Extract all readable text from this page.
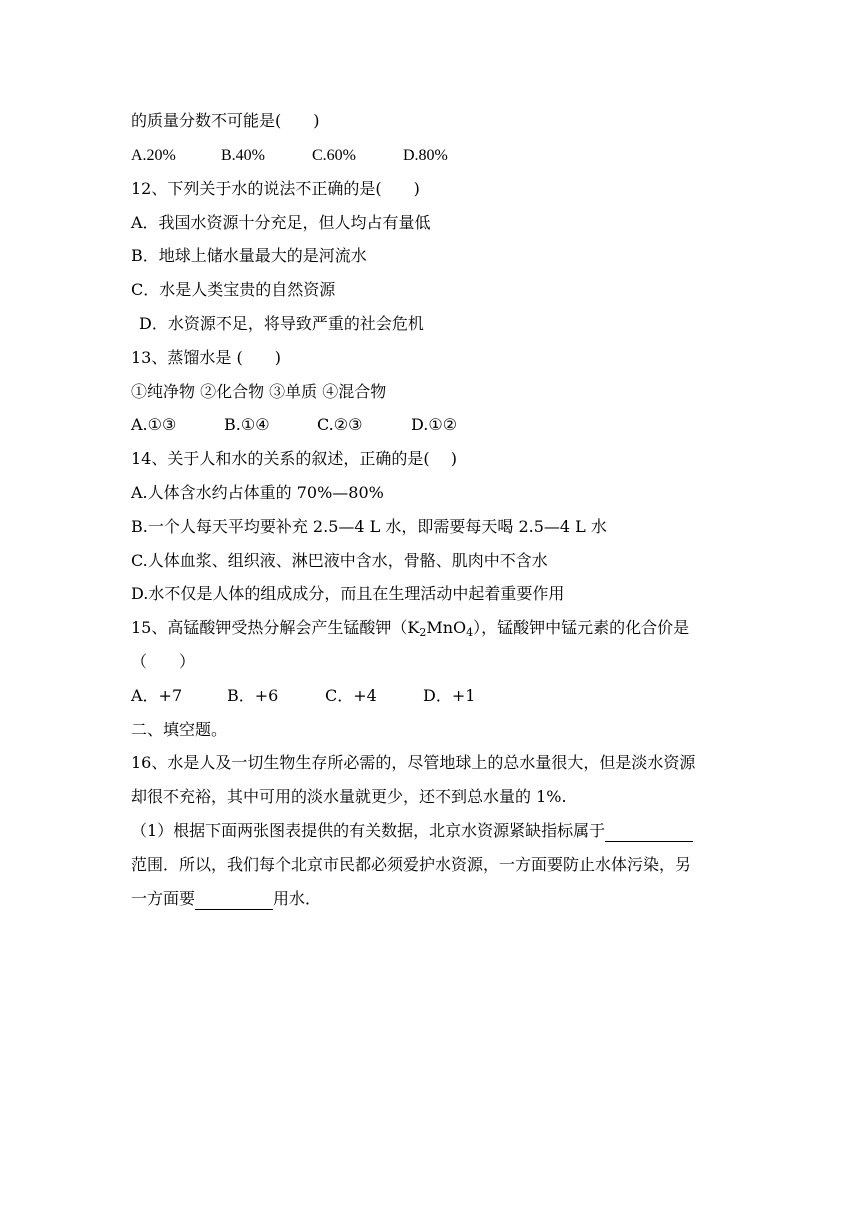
的质量分数不可能是(　　)
A.20%	B.40%	C.60%	D.80%
12、下列关于水的说法不正确的是(　　)
A．我国水资源十分充足，但人均占有量低
B．地球上储水量最大的是河流水
C．水是人类宝贵的自然资源
D．水资源不足，将导致严重的社会危机
13、蒸馏水是 (　　)
①纯净物 ②化合物 ③单质 ④混合物
A.①③	B.①④	C.②③	D.①②
14、关于人和水的关系的叙述，正确的是(　 )
A.人体含水约占体重的 70%—80%
B.一个人每天平均要补充 2.5—4 L 水，即需要每天喝 2.5—4 L 水
C.人体血浆、组织液、淋巴液中含水，骨骼、肌肉中不含水
D.水不仅是人体的组成成分，而且在生理活动中起着重要作用
15、高锰酸钾受热分解会产生锰酸钾$(K_2MnO_4)$，锰酸钾中锰元素的化合价是
（　　）
A．+7	B．+6	C．+4	D．+1
二、填空题。
16、水是人及一切生物生存所必需的，尽管地球上的总水量很大，但是淡水资源
却很不充裕，其中可用的淡水量就更少，还不到总水量的 1%.
（1）根据下面两张图表提供的有关数据，北京水资源紧缺指标属于
范围．所以，我们每个北京市民都必须爱护水资源，一方面要防止水体污染，另
一方面要	用水．
